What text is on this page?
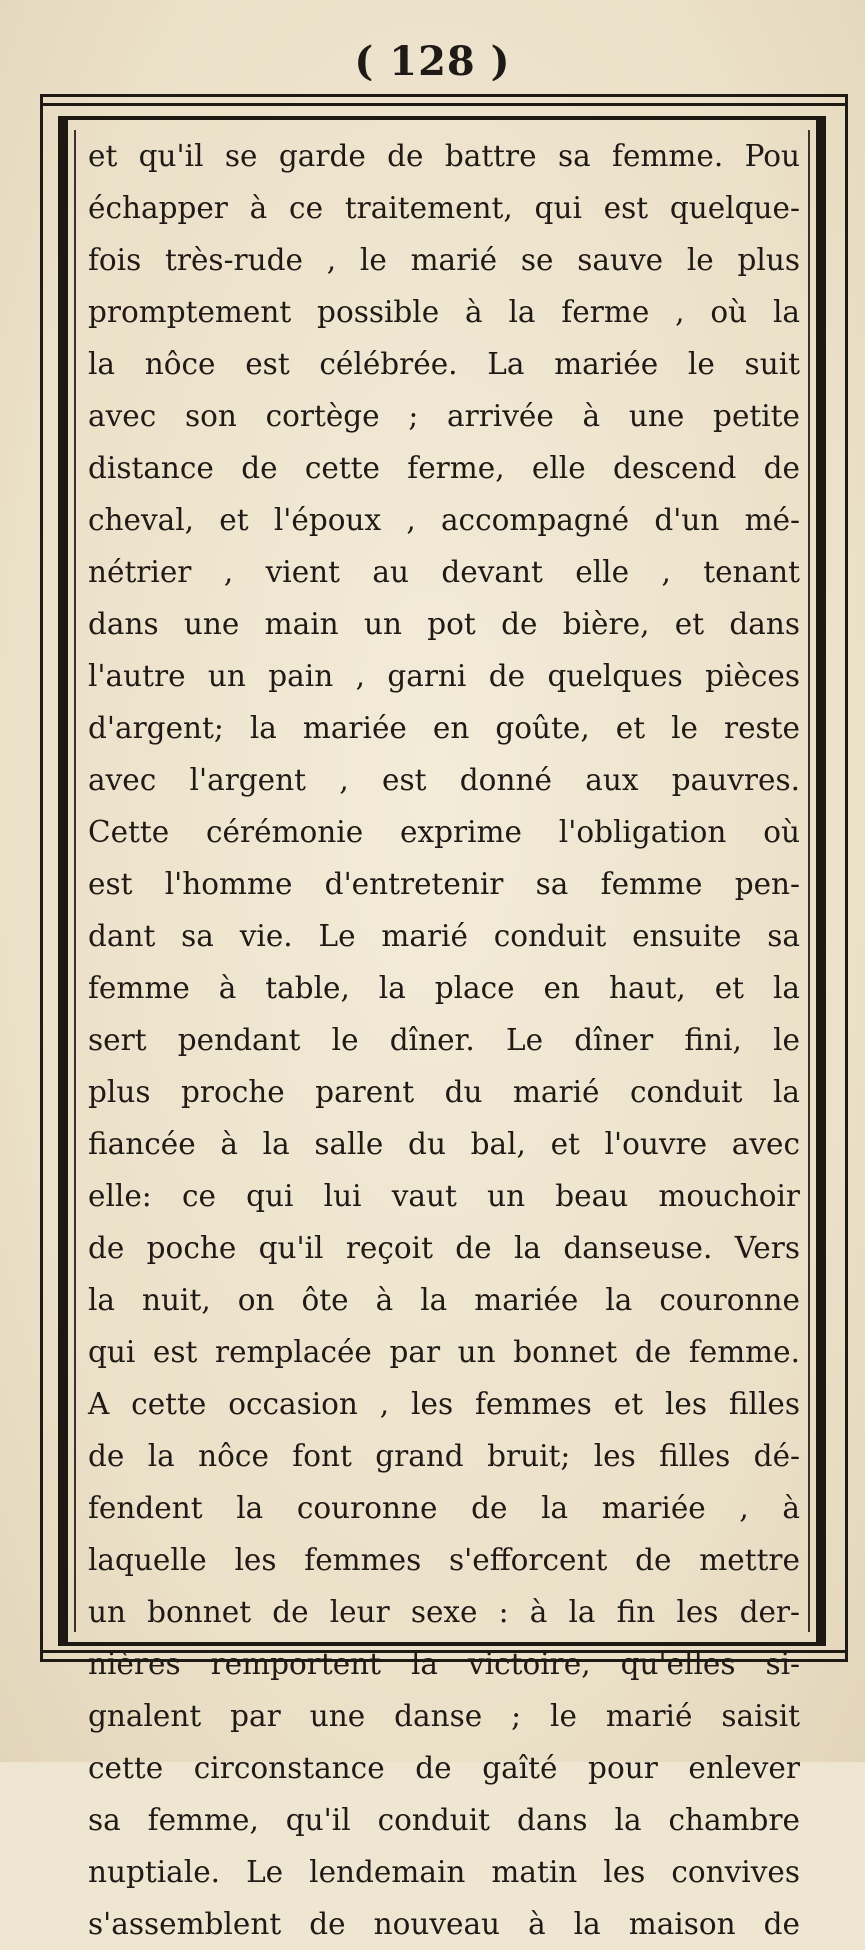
( 128 )
et qu'il se garde de battre sa femme. Pou
échapper à ce traitement, qui est quelque-
fois très-rude , le marié se sauve le plus
promptement possible à la ferme , où la
la nôce est célébrée. La mariée le suit
avec son cortège ; arrivée à une petite
distance de cette ferme, elle descend de
cheval, et l'époux , accompagné d'un mé-
nétrier , vient au devant elle , tenant
dans une main un pot de bière, et dans
l'autre un pain , garni de quelques pièces
d'argent; la mariée en goûte, et le reste
avec l'argent , est donné aux pauvres.
Cette cérémonie exprime l'obligation où
est l'homme d'entretenir sa femme pen-
dant sa vie. Le marié conduit ensuite sa
femme à table, la place en haut, et la
sert pendant le dîner. Le dîner fini, le
plus proche parent du marié conduit la
fiancée à la salle du bal, et l'ouvre avec
elle: ce qui lui vaut un beau mouchoir
de poche qu'il reçoit de la danseuse. Vers
la nuit, on ôte à la mariée la couronne
qui est remplacée par un bonnet de femme.
A cette occasion , les femmes et les filles
de la nôce font grand bruit; les filles dé-
fendent la couronne de la mariée , à
laquelle les femmes s'efforcent de mettre
un bonnet de leur sexe : à la fin les der-
nières remportent la victoire, qu'elles si-
gnalent par une danse ; le marié saisit
cette circonstance de gaîté pour enlever
sa femme, qu'il conduit dans la chambre
nuptiale. Le lendemain matin les convives
s'assemblent de nouveau à la maison de
